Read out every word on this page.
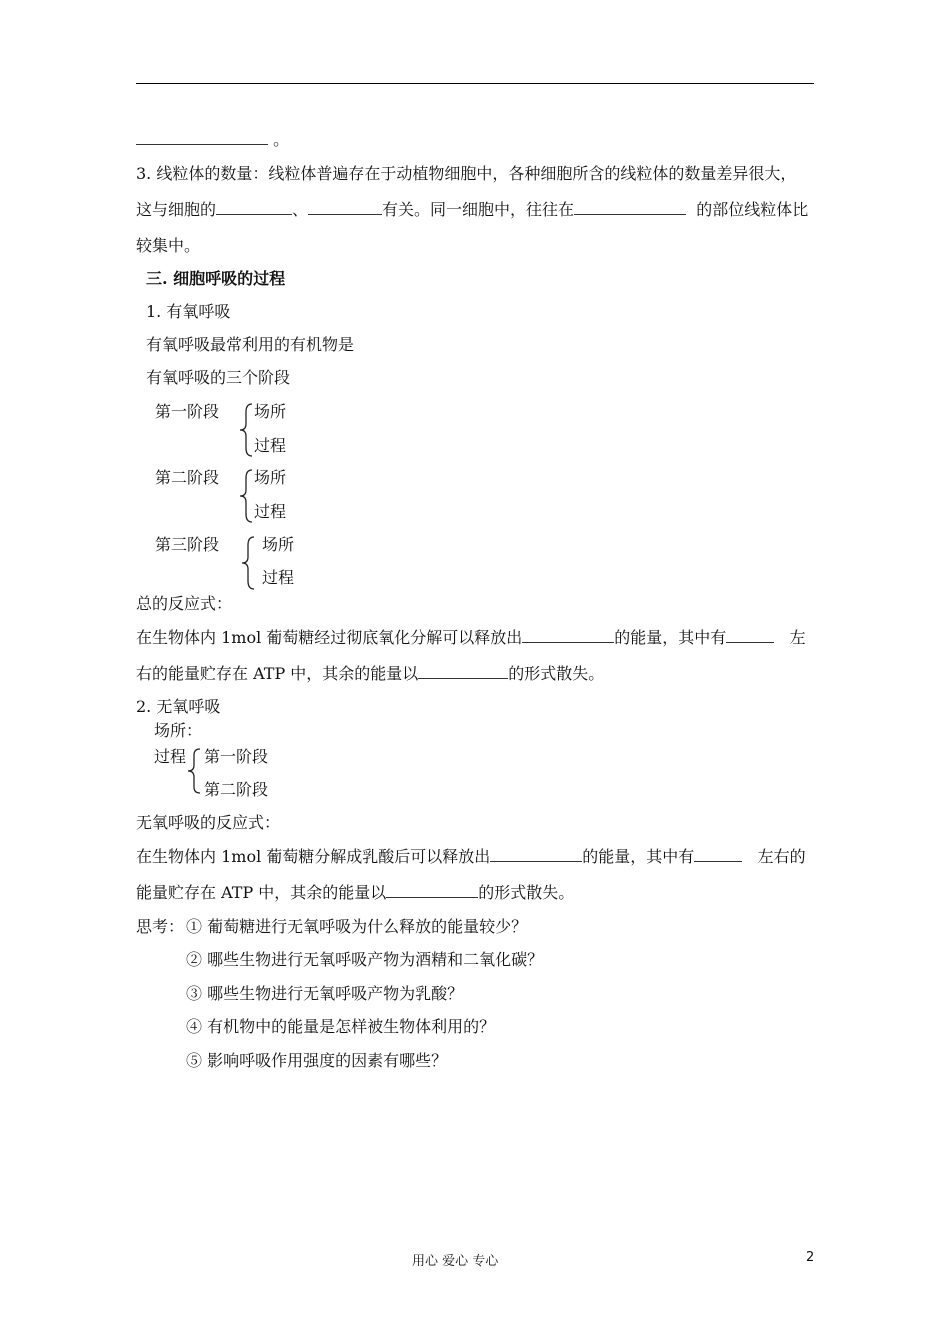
。
3. 线粒体的数量：线粒体普遍存在于动植物细胞中，各种细胞所含的线粒体的数量差异很大，
这与细胞的	、	有关。同一细胞中，往往在	的部位线粒体比
较集中。
三. 细胞呼吸的过程
1. 有氧呼吸
有氧呼吸最常利用的有机物是
有氧呼吸的三个阶段
第一阶段 场所
过程
第二阶段 场所
过程
第三阶段	场所
过程
总的反应式：
在生物体内 1mol 葡萄糖经过彻底氧化分解可以释放出	的能量，其中有	左
右的能量贮存在 ATP 中，其余的能量以	的形式散失。
2. 无氧呼吸
场所：
过程 第一阶段
第二阶段
无氧呼吸的反应式：
在生物体内 1mol 葡萄糖分解成乳酸后可以释放出	的能量，其中有	左右的
能量贮存在 ATP 中，其余的能量以	的形式散失。
思考： ① 葡萄糖进行无氧呼吸为什么释放的能量较少？
② 哪些生物进行无氧呼吸产物为酒精和二氧化碳？
③ 哪些生物进行无氧呼吸产物为乳酸？
④ 有机物中的能量是怎样被生物体利用的？
⑤ 影响呼吸作用强度的因素有哪些？
用心 爱心 专心	2
